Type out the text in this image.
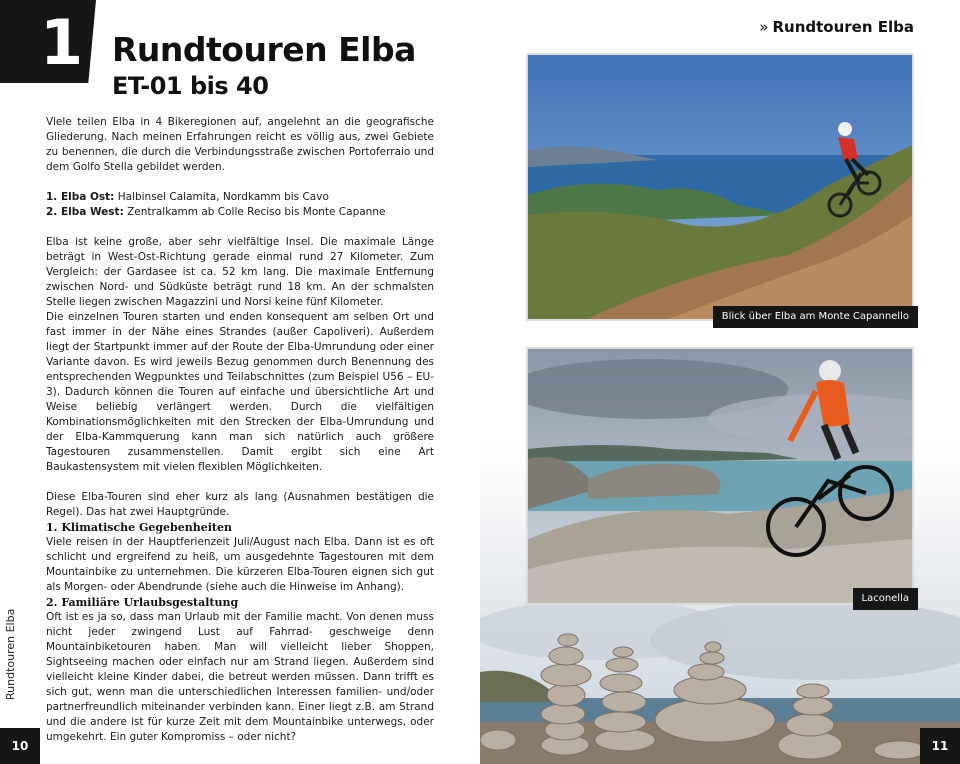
1 Rundtouren Elba
ET-01 bis 40

Viele teilen Elba in 4 Bikeregionen auf, angelehnt an die geografische Gliederung. Nach meinen Erfahrungen reicht es völlig aus, zwei Gebiete zu benennen, die durch die Verbindungsstraße zwischen Portoferraio und dem Golfo Stella gebildet werden.

1. Elba Ost: Halbinsel Calamita, Nordkamm bis Cavo

2. Elba West: Zentralkamm ab Colle Reciso bis Monte Capanne

Elba ist keine große, aber sehr vielfältige Insel. Die maximale Länge beträgt in West-Ost-Richtung gerade einmal rund 27 Kilometer. Zum Vergleich: der Gardasee ist ca. 52 km lang. Die maximale Entfernung zwischen Nord- und Südküste beträgt rund 18 km. An der schmalsten Stelle liegen zwischen Magazzini und Norsi keine fünf Kilometer.

Die einzelnen Touren starten und enden konsequent am selben Ort und fast immer in der Nähe eines Strandes (außer Capoliveri). Außerdem liegt der Startpunkt immer auf der Route der Elba-Umrundung oder einer Variante davon. Es wird jeweils Bezug genommen durch Benennung des entsprechenden Wegpunktes und Teilabschnittes (zum Beispiel U56 – EU-3). Dadurch können die Touren auf einfache und übersichtliche Art und Weise beliebig verlängert werden. Durch die vielfältigen Kombinationsmöglichkeiten mit den Strecken der Elba-Umrundung und der Elba-Kammquerung kann man sich natürlich auch größere Tagestouren zusammenstellen. Damit ergibt sich eine Art Baukastensystem mit vielen flexiblen Möglichkeiten.

Diese Elba-Touren sind eher kurz als lang (Ausnahmen bestätigen die Regel). Das hat zwei Hauptgründe.

1. Klimatische Gegebenheiten

Viele reisen in der Hauptferienzeit Juli/August nach Elba. Dann ist es oft schlicht und ergreifend zu heiß, um ausgedehnte Tagestouren mit dem Mountainbike zu unternehmen. Die kürzeren Elba-Touren eignen sich gut als Morgen- oder Abendrunde (siehe auch die Hinweise im Anhang).

2. Familiäre Urlaubsgestaltung

Oft ist es ja so, dass man Urlaub mit der Familie macht. Von denen muss nicht jeder zwingend Lust auf Fahrrad- geschweige denn Mountainbiketouren haben. Man will vielleicht lieber Shoppen, Sightseeing machen oder einfach nur am Strand liegen. Außerdem sind vielleicht kleine Kinder dabei, die betreut werden müssen. Dann trifft es sich gut, wenn man die unterschiedlichen Interessen familien- und/oder partnerfreundlich miteinander verbinden kann. Einer liegt z.B. am Strand und die andere ist für kurze Zeit mit dem Mountainbike unterwegs, oder umgekehrt. Ein guter Kompromiss – oder nicht?

Rundtouren Elba
10
» Rundtouren Elba
Blick über Elba am Monte Capannello
Laconella
11
